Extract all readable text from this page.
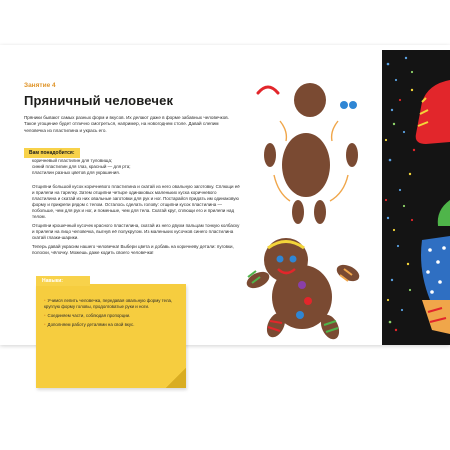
Занятие 4
Пряничный человечек
Пряники бывают самых разных форм и вкусов. Их делают даже в форме забавных человечков. Такое угощение будет отлично смотреться, например, на новогоднем столе. Давай слепим человечка из пластилина и укрась его.
Вам понадобится:
коричневый пластилин для туловища;
синий пластилин для глаз, красный — для рта;
пластилин разных цветов для украшения.

Отщипни большой кусок коричневого пластилина и скатай из него овальную заготовку. Сплющи её и прилепи на тарелку. Затем отщипни четыре одинаковых маленьких куска коричневого пластилина и скатай из них овальные заготовки для рук и ног. Постарайся придать им одинаковую форму и прикрепи рядом с телом. Осталось сделать голову: отщипни кусок пластилина — побольше, чем для рук и ног, и поменьше, чем для тела. Скатай круг, сплющи его и прилепи над телом.

Отщипни крошечный кусочек красного пластилина, скатай из него двухм пальцам тонкую колбаску и прилепи на лицо человечка, выгнув её полукругом. Из маленьких кусочков синего пластилина скатай глазки-шарики.

Теперь давай украсим нашего человечка! Выбери цвета и добавь на коричневу детали: пуговки, полоски, чёлочку. Можешь даже кодить своего человечка!

Навыки:
• Учимся лепить человечка, передавая овальную форму тела, круглую форму головы, продолговатые руки и ноги.
• Соединяем части, соблюдая пропорции.
• Дополняем работу деталями на свой вкус.
